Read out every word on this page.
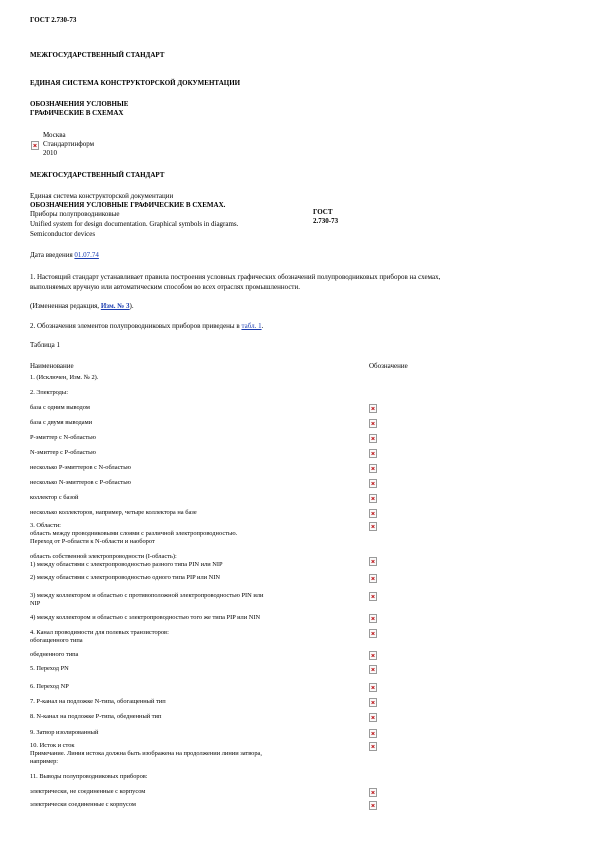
ГОСТ 2.730-73
МЕЖГОСУДАРСТВЕННЫЙ СТАНДАРТ
ЕДИНАЯ СИСТЕМА КОНСТРУКТОРСКОЙ ДОКУМЕНТАЦИИ
ОБОЗНАЧЕНИЯ УСЛОВНЫЕ
ГРАФИЧЕСКИЕ В СХЕМАХ
Москва
Стандартинформ
2010
МЕЖГОСУДАРСТВЕННЫЙ СТАНДАРТ
Единая система конструкторской документации
ОБОЗНАЧЕНИЯ УСЛОВНЫЕ ГРАФИЧЕСКИЕ В СХЕМАХ.
Приборы полупроводниковые
Unified system for design documentation. Graphical symbols in diagrams.
Semiconductor devices
ГОСТ
2.730-73
Дата введения 01.07.74
1. Настоящий стандарт устанавливает правила построения условных графических обозначений полупроводниковых приборов на схемах,
выполняемых вручную или автоматическим способом во всех отраслях промышленности.
(Измененная редакция, Изм. № 3).
2. Обозначения элементов полупроводниковых приборов приведены в табл. 1.
Таблица 1
Наименование	Обозначение
1. (Исключен, Изм. № 2).
2. Электроды:
база с одним выводом
база с двумя выводами
Р-эмиттер с N-областью
N-эмиттер с Р-областью
несколько Р-эмиттеров с N-областью
несколько N-эмиттеров с Р-областью
коллектор с базой
несколько коллекторов, например, четыре коллектора на базе
3. Области:
область между проводниковыми слоями с различной электропроводностью.
Переход от Р-области к N-области и наоборот
область собственной электропроводности (I-область):
1) между областями с электропроводностью разного типа PIN или NIP
2) между областями с электропроводностью одного типа PIP или NIN
3) между коллектором и областью с противоположной электропроводностью PIN или
NIP
4) между коллектором и областью с электропроводностью того же типа PIP или NIN
4. Канал проводимости для полевых транзисторов:
обогащенного типа
обедненного типа
5. Переход PN
6. Переход NP
7. Р-канал на подложке N-типа, обогащенный тип
8. N-канал на подложке Р-типа, обедненный тип
9. Затвор изолированный
10. Исток и сток
Примечание. Линия истока должна быть изображена на продолжении линии затвора,
например:
11. Выводы полупроводниковых приборов:
электрически, не соединенные с корпусом
электрически соединенные с корпусом
